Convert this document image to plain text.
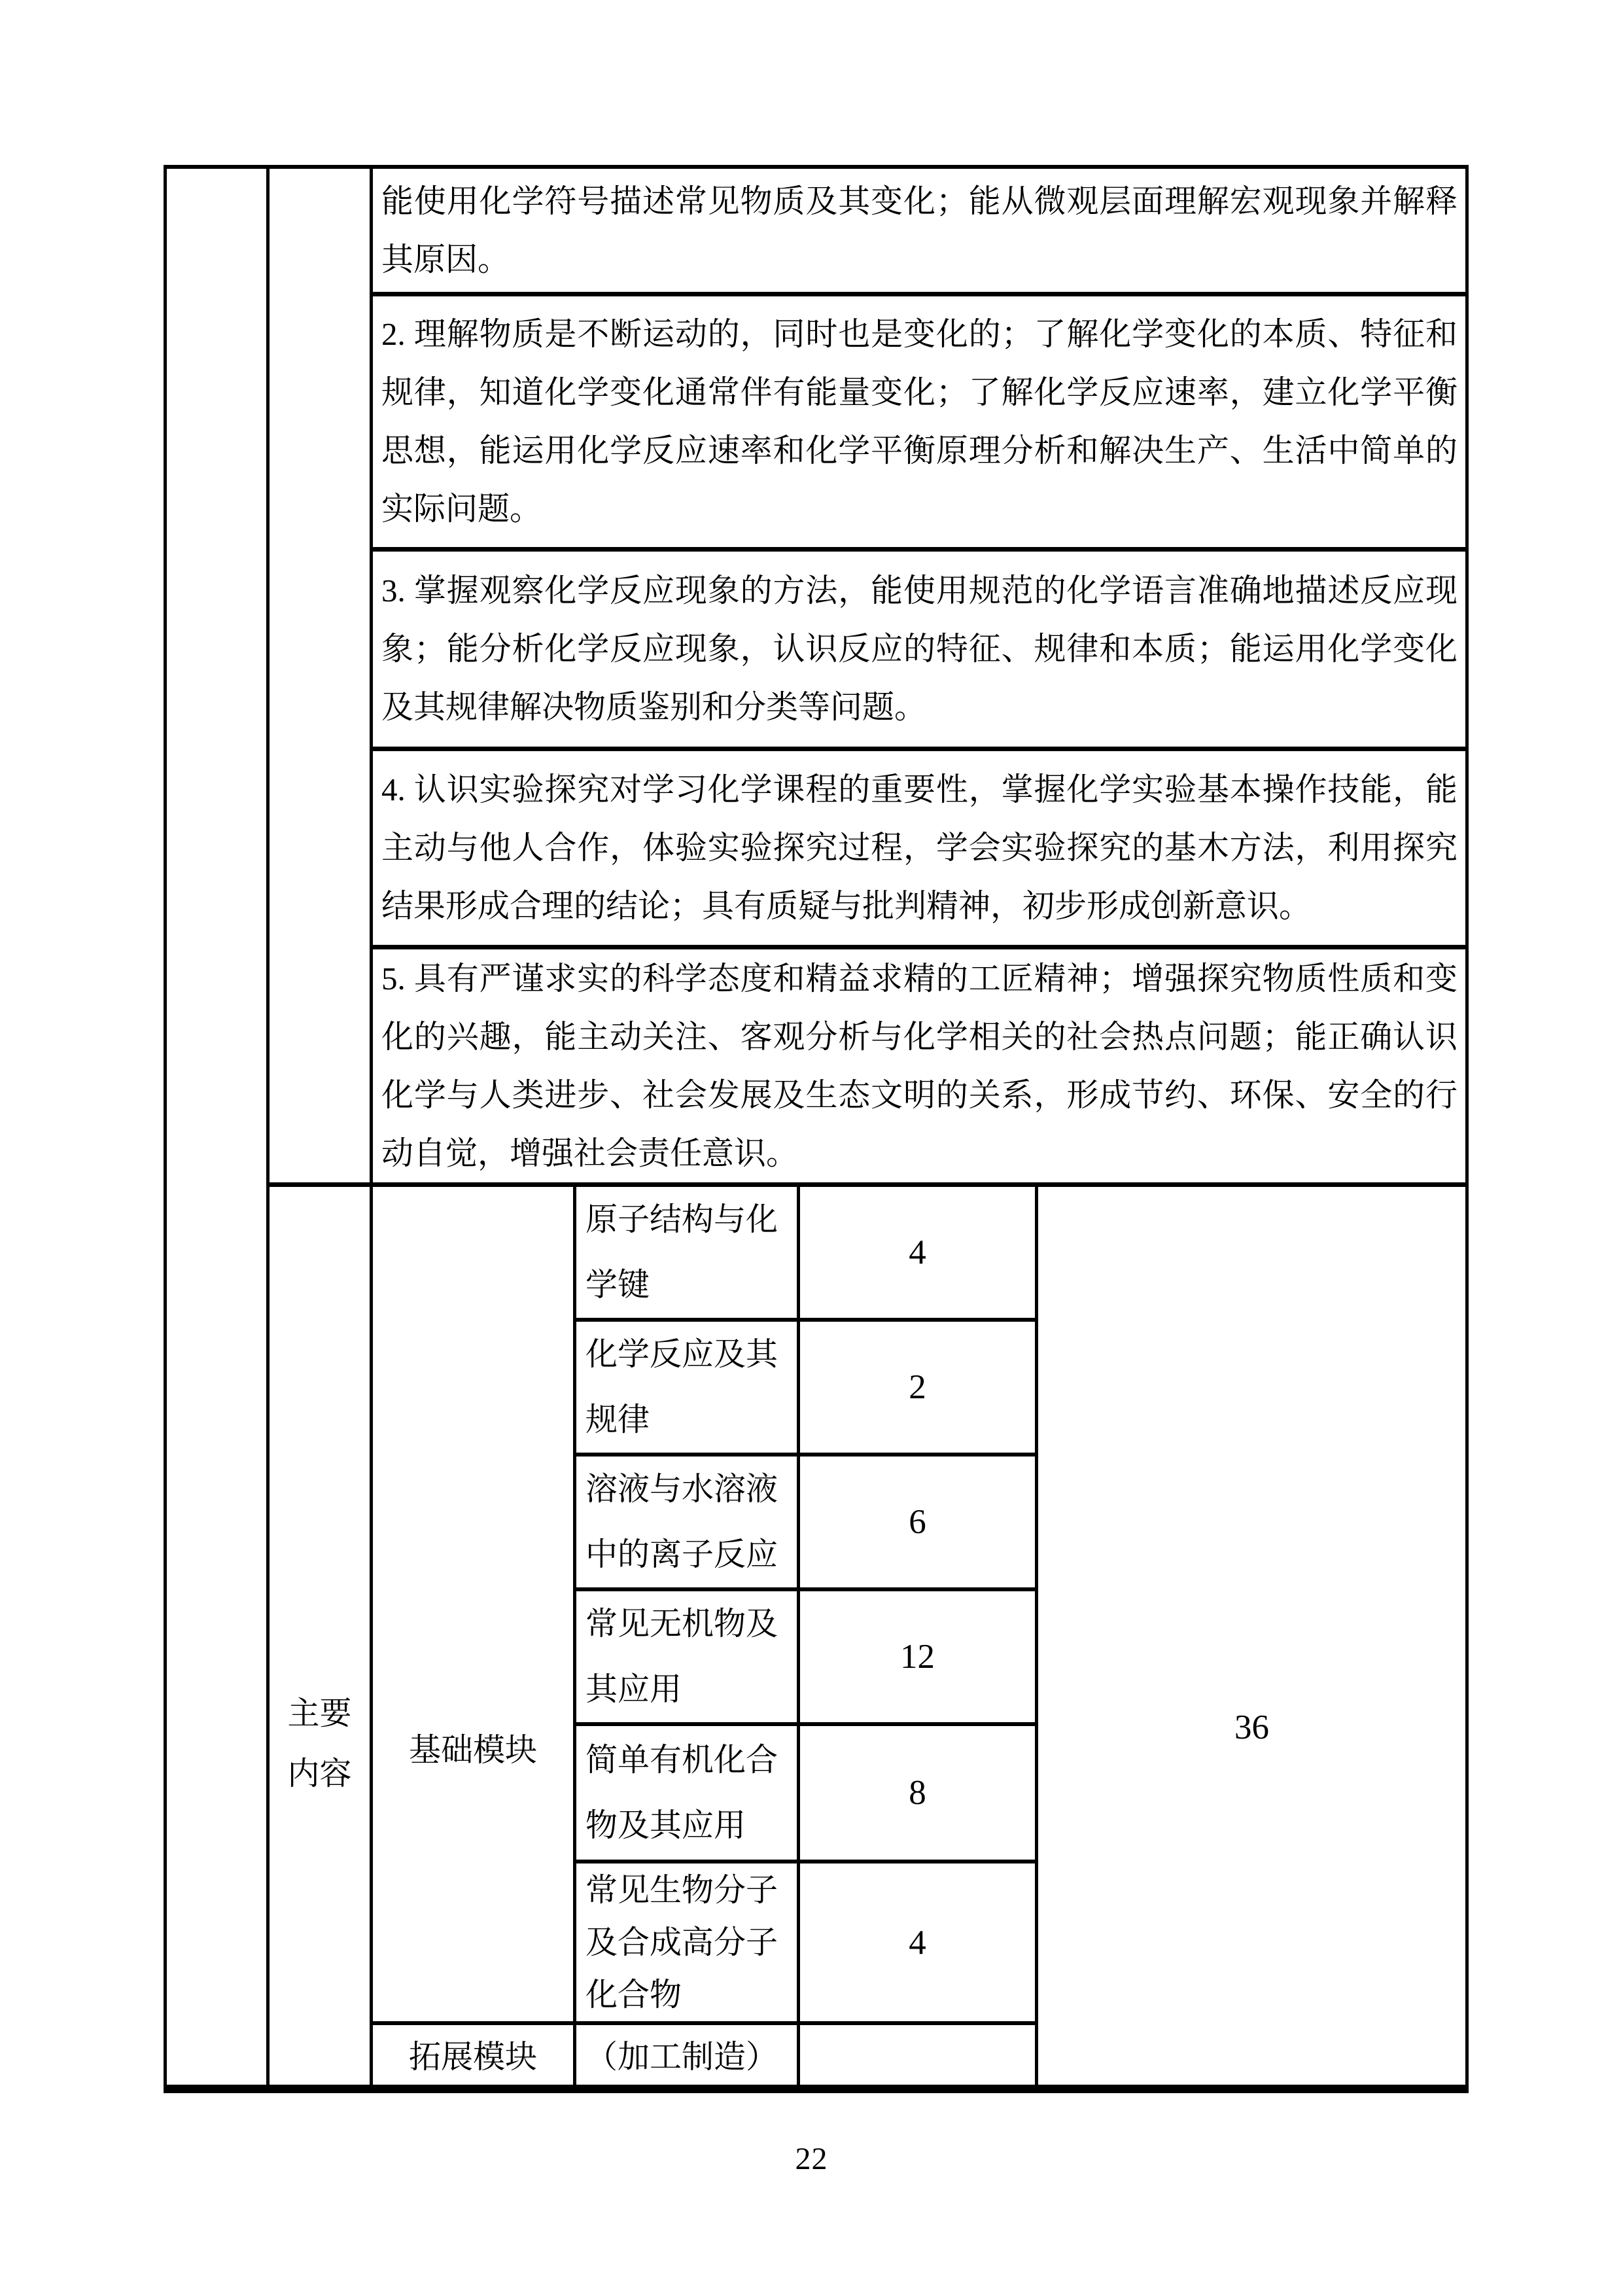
		能使用化学符号描述常见物质及其变化；能从微观层面理解宏观现象并解释
其原因。			

		2. 理解物质是不断运动的，同时也是变化的；了解化学变化的本质、特征和
规律，知道化学变化通常伴有能量变化；了解化学反应速率，建立化学平衡
思想，能运用化学反应速率和化学平衡原理分析和解决生产、生活中简单的
实际问题。			

		3. 掌握观察化学反应现象的方法，能使用规范的化学语言准确地描述反应现
象；能分析化学反应现象，认识反应的特征、规律和本质；能运用化学变化
及其规律解决物质鉴别和分类等问题。			

		4. 认识实验探究对学习化学课程的重要性，掌握化学实验基本操作技能，能
主动与他人合作，体验实验探究过程，学会实验探究的基木方法，利用探究
结果形成合理的结论；具有质疑与批判精神，初步形成创新意识。			

		5. 具有严谨求实的科学态度和精益求精的工匠精神；增强探究物质性质和变
化的兴趣，能主动关注、客观分析与化学相关的社会热点问题；能正确认识
化学与人类进步、社会发展及生态文明的关系，形成节约、环保、安全的行
动自觉，增强社会责任意识。			

主要
内容
	基础模块	
原子结构与化
学键
	4	36

			化学反应及其
规律	2	

			溶液与水溶液
中的离子反应	6	

			常见无机物及
其应用	12	

			简单有机化合
物及其应用	8	

			常见生物分子
及合成高分子
化合物	4	
		拓展模块	（加工制造）		
22
